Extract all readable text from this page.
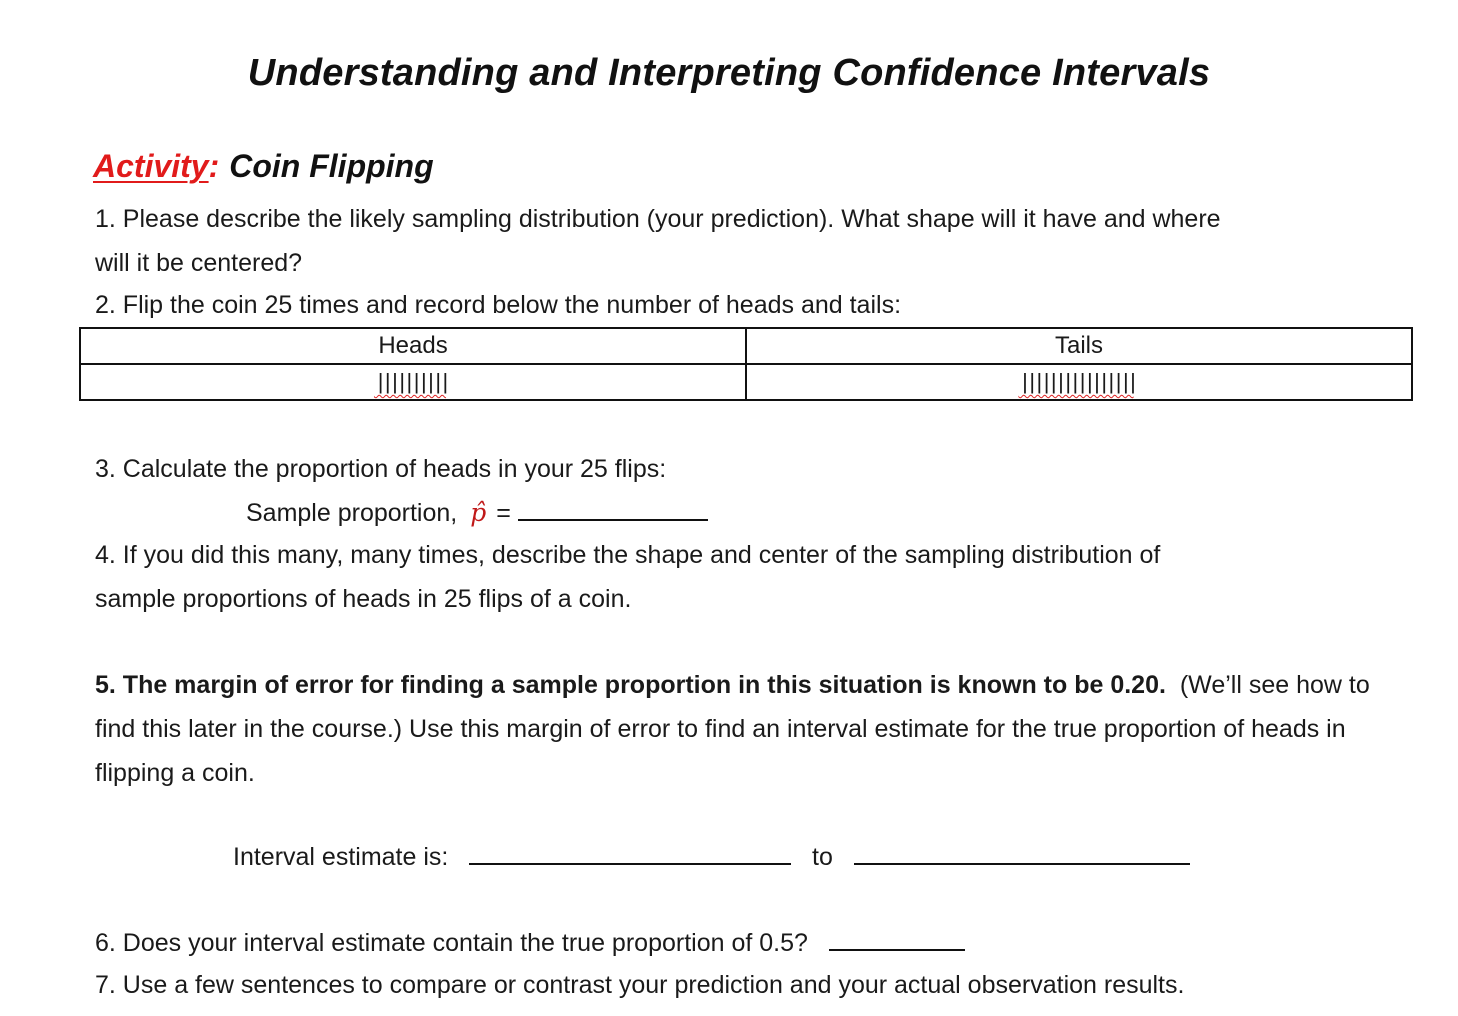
Understanding and Interpreting Confidence Intervals
Activity: Coin Flipping
1. Please describe the likely sampling distribution (your prediction). What shape will it have and where
will it be centered?
2. Flip the coin 25 times and record below the number of heads and tails:
Heads	Tails
||||||||||	||||||||||||||||
3. Calculate the proportion of heads in your 25 flips:
Sample proportion, p̂ =
4. If you did this many, many times, describe the shape and center of the sampling distribution of
sample proportions of heads in 25 flips of a coin.
5. The margin of error for finding a sample proportion in this situation is known to be 0.20. (We’ll see how to find this later in the course.) Use this margin of error to find an interval estimate for the true proportion of heads in flipping a coin.
Interval estimate is:	to
6. Does your interval estimate contain the true proportion of 0.5?
7. Use a few sentences to compare or contrast your prediction and your actual observation results.
